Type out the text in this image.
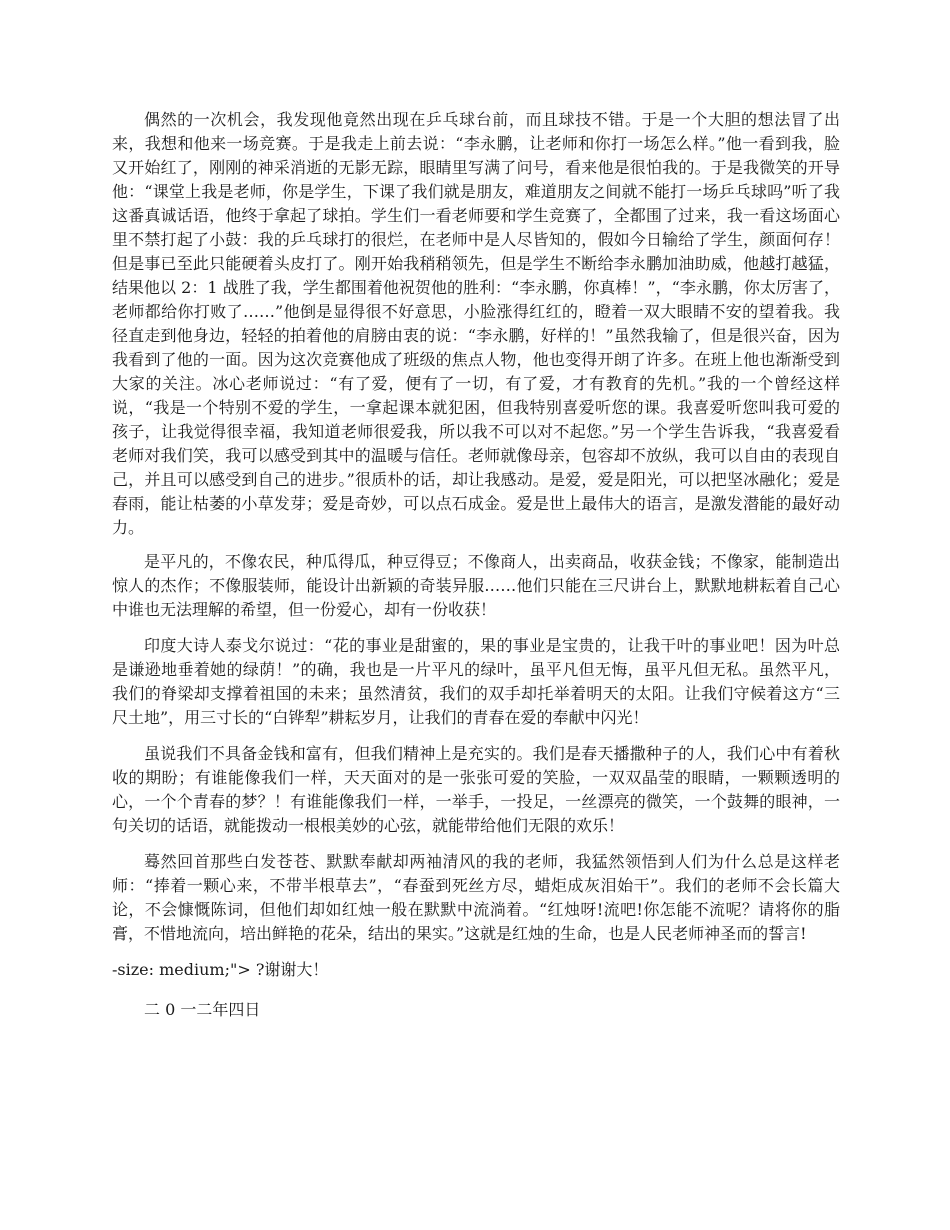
偶然的一次机会，我发现他竟然出现在乒乓球台前，而且球技不错。于是一个大胆的想法冒了出来，我想和他来一场竞赛。于是我走上前去说：“李永鹏，让老师和你打一场怎么样。”他一看到我，脸又开始红了，刚刚的神采消逝的无影无踪，眼睛里写满了问号，看来他是很怕我的。于是我微笑的开导他：“课堂上我是老师，你是学生，下课了我们就是朋友，难道朋友之间就不能打一场乒乓球吗”听了我这番真诚话语，他终于拿起了球拍。学生们一看老师要和学生竞赛了，全都围了过来，我一看这场面心里不禁打起了小鼓：我的乒乓球打的很烂，在老师中是人尽皆知的，假如今日输给了学生，颜面何存！但是事已至此只能硬着头皮打了。刚开始我稍稍领先，但是学生不断给李永鹏加油助威，他越打越猛，结果他以 2：1 战胜了我，学生都围着他祝贺他的胜利：“李永鹏，你真棒！”，“李永鹏，你太厉害了，老师都给你打败了……”他倒是显得很不好意思，小脸涨得红红的，瞪着一双大眼睛不安的望着我。我径直走到他身边，轻轻的拍着他的肩膀由衷的说：“李永鹏，好样的！”虽然我输了，但是很兴奋，因为我看到了他的一面。因为这次竞赛他成了班级的焦点人物，他也变得开朗了许多。在班上他也渐渐受到大家的关注。冰心老师说过：“有了爱，便有了一切，有了爱，才有教育的先机。”我的一个曾经这样说，“我是一个特别不爱的学生，一拿起课本就犯困，但我特别喜爱听您的课。我喜爱听您叫我可爱的孩子，让我觉得很幸福，我知道老师很爱我，所以我不可以对不起您。”另一个学生告诉我，“我喜爱看老师对我们笑，我可以感受到其中的温暖与信任。老师就像母亲，包容却不放纵，我可以自由的表现自己，并且可以感受到自己的进步。”很质朴的话，却让我感动。是爱，爱是阳光，可以把坚冰融化；爱是春雨，能让枯萎的小草发芽；爱是奇妙，可以点石成金。爱是世上最伟大的语言，是激发潜能的最好动力。

是平凡的，不像农民，种瓜得瓜，种豆得豆；不像商人，出卖商品，收获金钱；不像家，能制造出惊人的杰作；不像服装师，能设计出新颖的奇装异服……他们只能在三尺讲台上，默默地耕耘着自己心中谁也无法理解的希望，但一份爱心，却有一份收获！

印度大诗人泰戈尔说过：“花的事业是甜蜜的，果的事业是宝贵的，让我干叶的事业吧！因为叶总是谦逊地垂着她的绿荫！”的确，我也是一片平凡的绿叶，虽平凡但无悔，虽平凡但无私。虽然平凡，我们的脊梁却支撑着祖国的未来；虽然清贫，我们的双手却托举着明天的太阳。让我们守候着这方“三尺土地”，用三寸长的“白铧犁”耕耘岁月，让我们的青春在爱的奉献中闪光！

虽说我们不具备金钱和富有，但我们精神上是充实的。我们是春天播撒种子的人，我们心中有着秋收的期盼；有谁能像我们一样，天天面对的是一张张可爱的笑脸，一双双晶莹的眼睛，一颗颗透明的心，一个个青春的梦？！有谁能像我们一样，一举手，一投足，一丝漂亮的微笑，一个鼓舞的眼神，一句关切的话语，就能拨动一根根美妙的心弦，就能带给他们无限的欢乐！

蓦然回首那些白发苍苍、默默奉献却两袖清风的我的老师，我猛然领悟到人们为什么总是这样老师：“捧着一颗心来，不带半根草去”，“春蚕到死丝方尽，蜡炬成灰泪始干”。我们的老师不会长篇大论，不会慷慨陈词，但他们却如红烛一般在默默中流淌着。“红烛呀!流吧!你怎能不流呢？请将你的脂膏，不惜地流向，培出鲜艳的花朵，结出的果实。”这就是红烛的生命，也是人民老师神圣而的誓言!

-size: medium;"> ?谢谢大！

二 0 一二年四日
